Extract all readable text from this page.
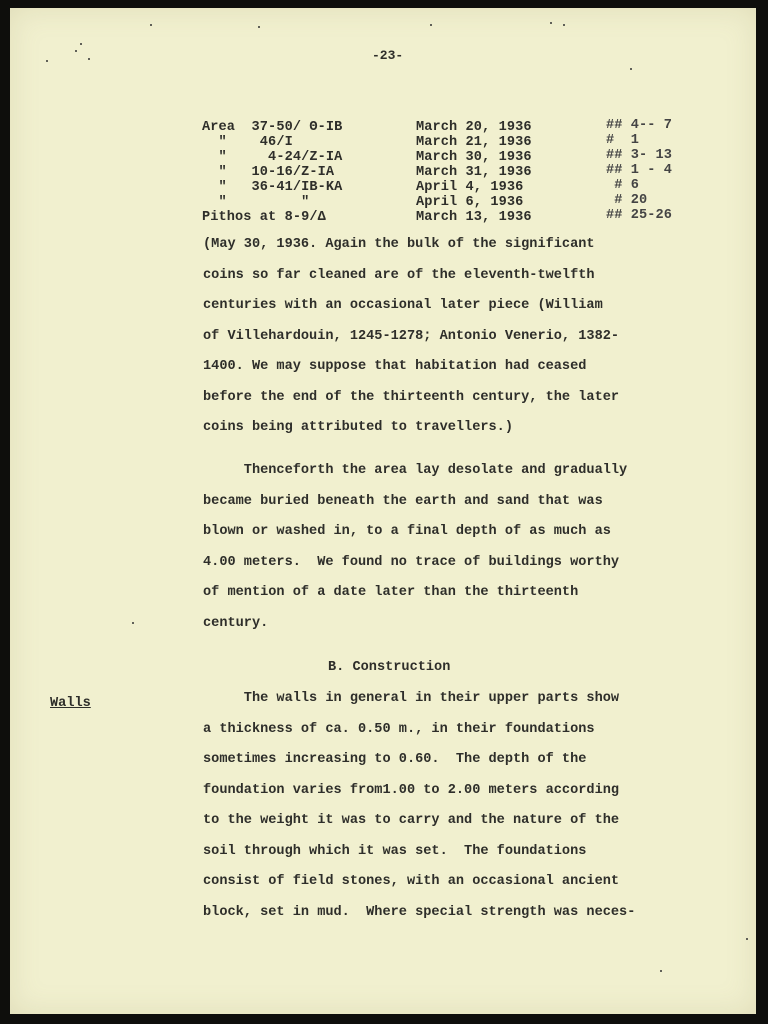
-23-
Area  37-50/ Θ-IB	March 20, 1936	## 4-- 7
"    46/I	March 21, 1936	#  1
"     4-24/Z-IA	March 30, 1936	## 3- 13
"   10-16/Z-IA	March 31, 1936	## 1 - 4
"   36-41/IB-KA	April 4, 1936	# 6
"         "	April 6, 1936	# 20
Pithos at 8-9/Δ	March 13, 1936	## 25-26
(May 30, 1936. Again the bulk of the significant
coins so far cleaned are of the eleventh-twelfth
centuries with an occasional later piece (William
of Villehardouin, 1245-1278; Antonio Venerio, 1382-
1400. We may suppose that habitation had ceased
before the end of the thirteenth century, the later
coins being attributed to travellers.)
Thenceforth the area lay desolate and gradually
became buried beneath the earth and sand that was
blown or washed in, to a final depth of as much as
4.00 meters.  We found no trace of buildings worthy
of mention of a date later than the thirteenth
century.
B. Construction
Walls	The walls in general in their upper parts show
a thickness of ca. 0.50 m., in their foundations
sometimes increasing to 0.60.  The depth of the
foundation varies from1.00 to 2.00 meters according
to the weight it was to carry and the nature of the
soil through which it was set.  The foundations
consist of field stones, with an occasional ancient
block, set in mud.  Where special strength was neces-
